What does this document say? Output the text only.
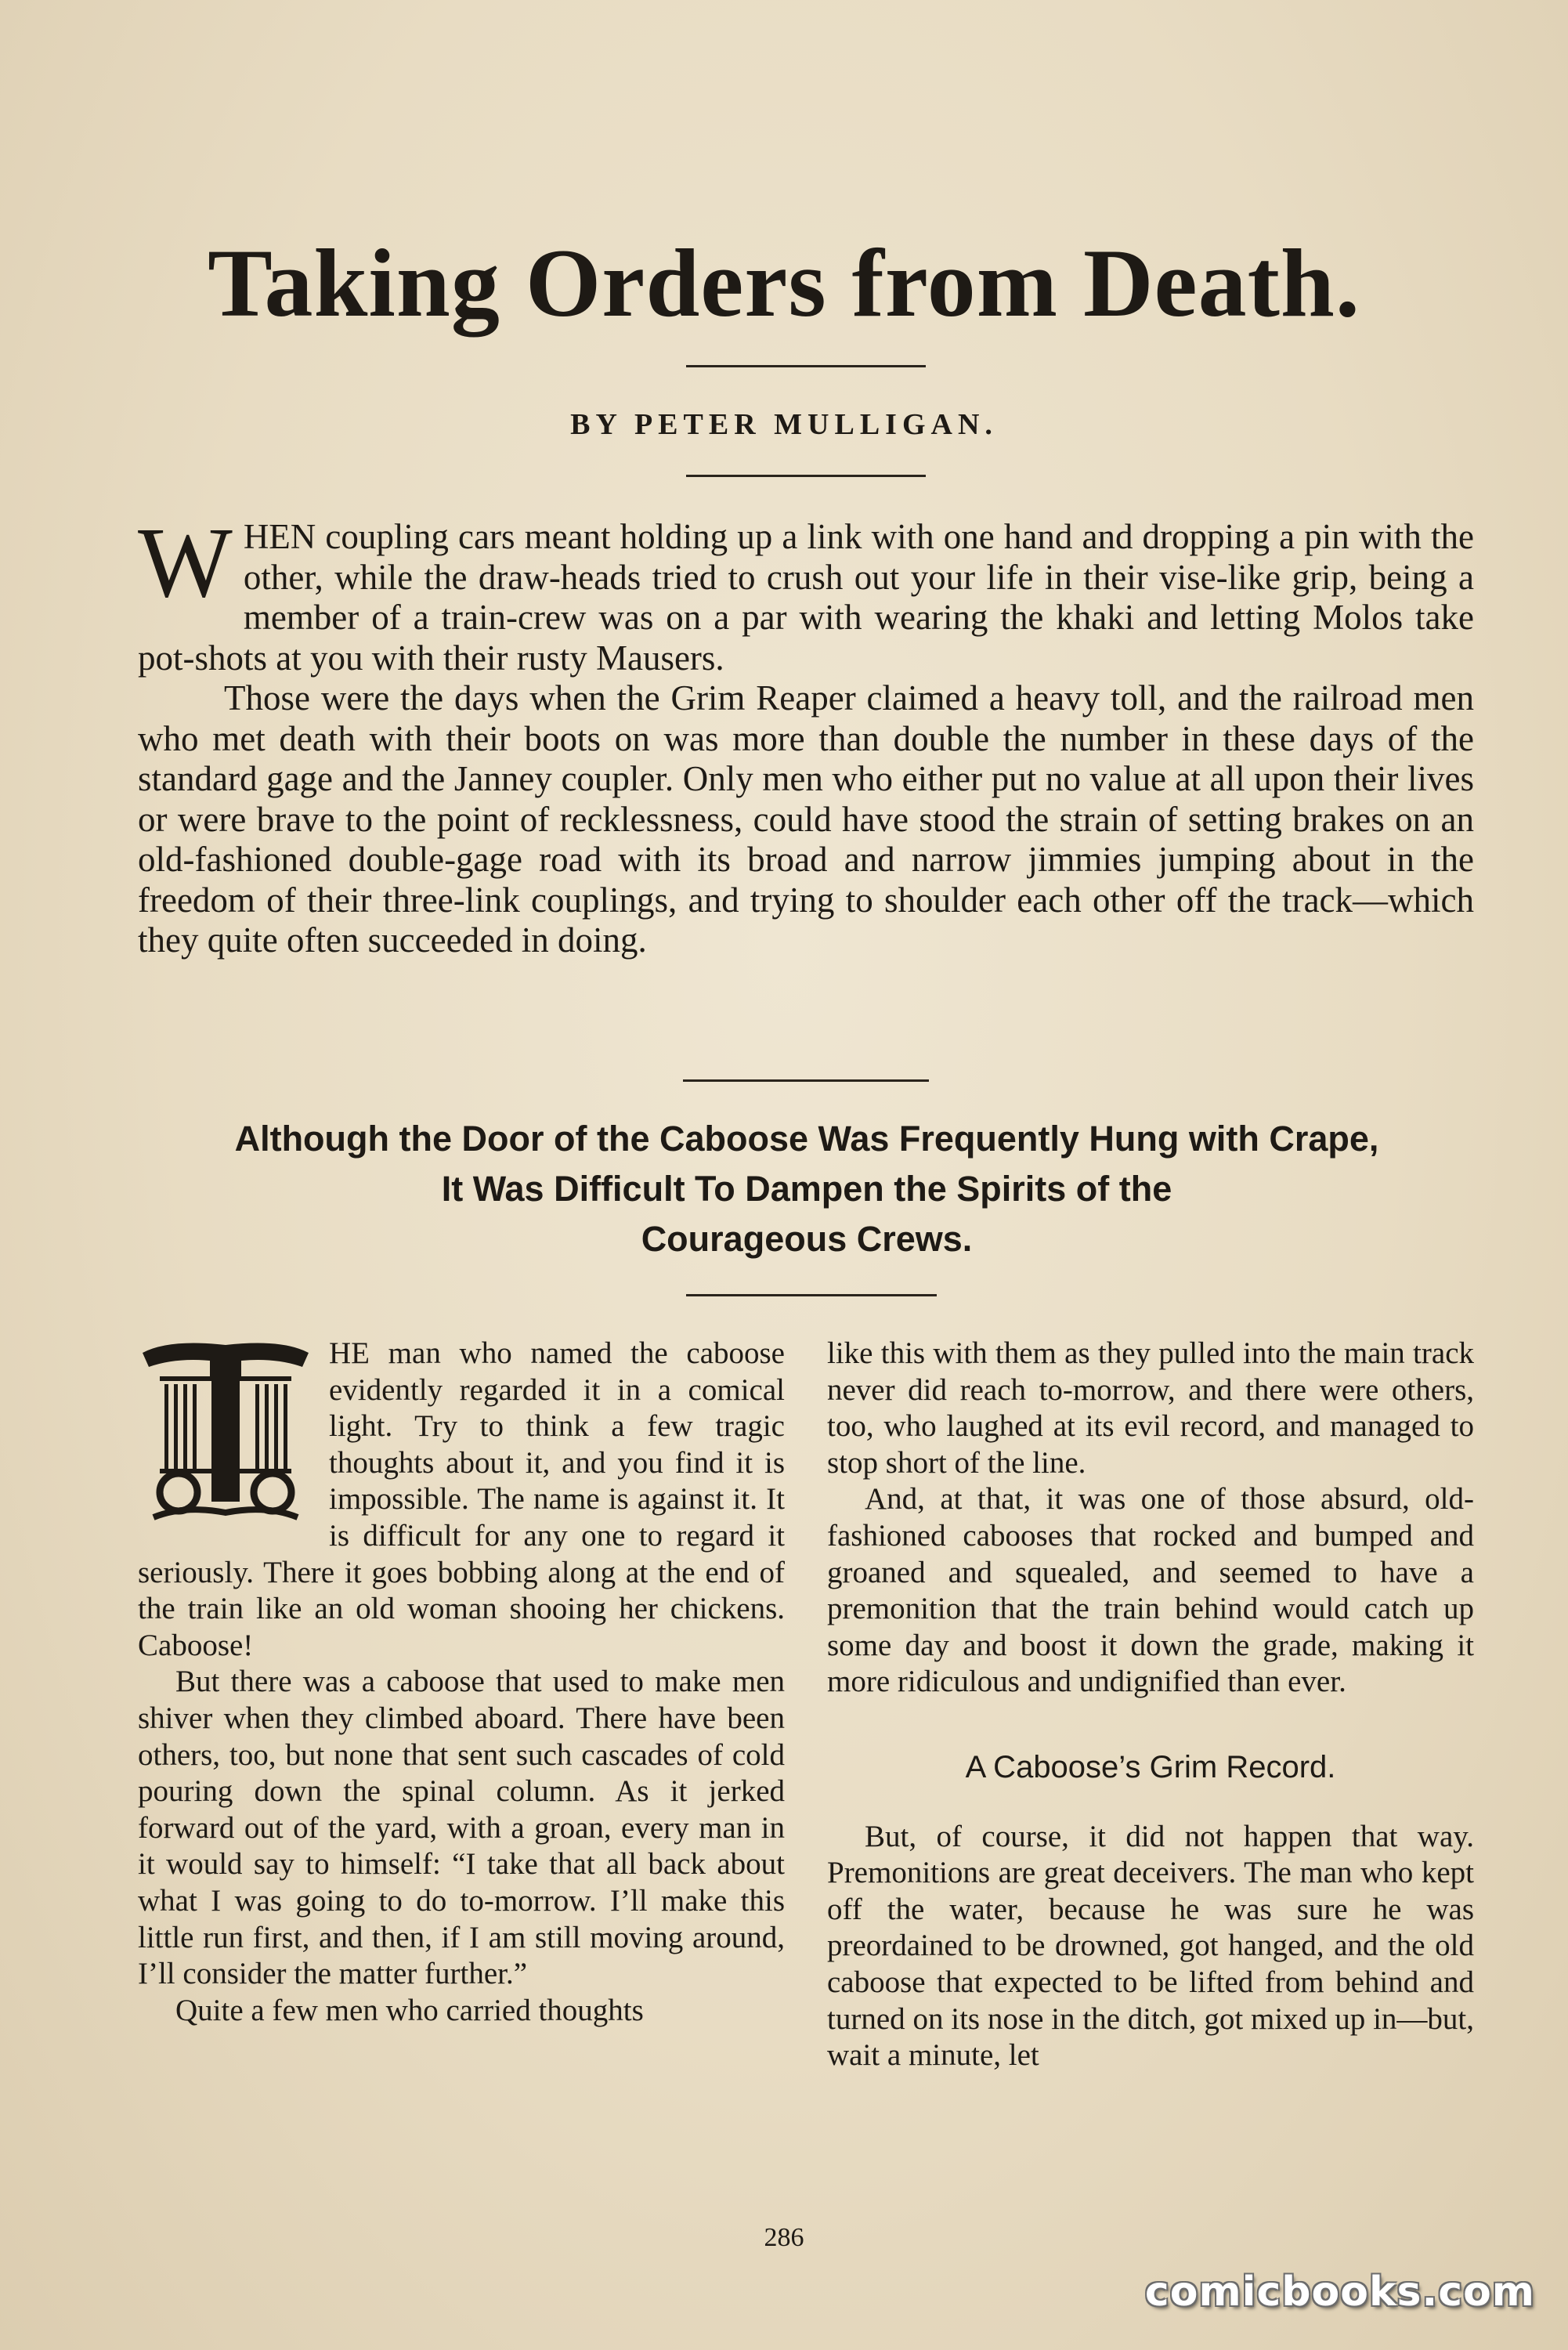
Taking Orders from Death.
BY PETER MULLIGAN.

WHEN coupling cars meant holding up a link with one hand and dropping a pin with the other, while the draw-heads tried to crush out your life in their vise-like grip, being a member of a train-crew was on a par with wearing the khaki and letting Molos take pot-shots at you with their rusty Mausers.

Those were the days when the Grim Reaper claimed a heavy toll, and the railroad men who met death with their boots on was more than double the number in these days of the standard gage and the Janney coupler. Only men who either put no value at all upon their lives or were brave to the point of recklessness, could have stood the strain of setting brakes on an old-fashioned double-gage road with its broad and narrow jimmies jumping about in the freedom of their three-link couplings, and trying to shoulder each other off the track—which they quite often succeeded in doing.

Although the Door of the Caboose Was Frequently Hung with Crape,
It Was Difficult To Dampen the Spirits of the
Courageous Crews.

HE man who named the caboose evidently regarded it in a comical light. Try to think a few tragic thoughts about it, and you find it is impossible. The name is against it. It is difficult for any one to regard it seriously. There it goes bobbing along at the end of the train like an old woman shooing her chickens. Caboose!

But there was a caboose that used to make men shiver when they climbed aboard. There have been others, too, but none that sent such cascades of cold pouring down the spinal column. As it jerked forward out of the yard, with a groan, every man in it would say to himself: “I take that all back about what I was going to do to-morrow. I’ll make this little run first, and then, if I am still moving around, I’ll consider the matter further.”

Quite a few men who carried thoughts

like this with them as they pulled into the main track never did reach to-morrow, and there were others, too, who laughed at its evil record, and managed to stop short of the line.

And, at that, it was one of those absurd, old-fashioned cabooses that rocked and bumped and groaned and squealed, and seemed to have a premonition that the train behind would catch up some day and boost it down the grade, making it more ridiculous and undignified than ever.

A Caboose’s Grim Record.

But, of course, it did not happen that way. Premonitions are great deceivers. The man who kept off the water, because he was sure he was preordained to be drowned, got hanged, and the old caboose that expected to be lifted from behind and turned on its nose in the ditch, got mixed up in—but, wait a minute, let

286
comicbooks.com
